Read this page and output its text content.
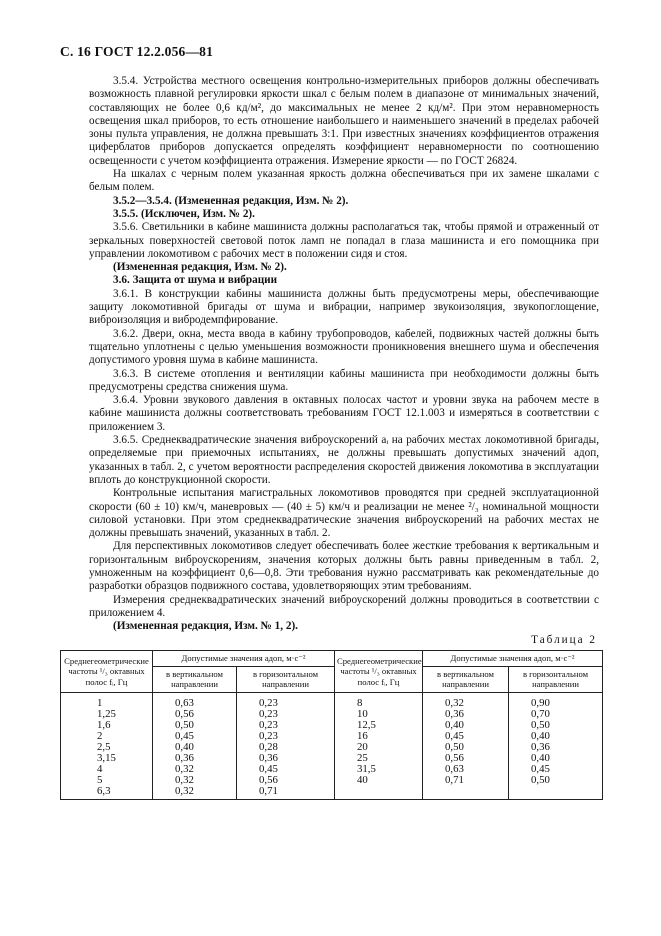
С. 16 ГОСТ 12.2.056—81

3.5.4. Устройства местного освещения контрольно-измерительных приборов должны обеспечивать возможность плавной регулировки яркости шкал с белым полем в диапазоне от минимальных значений, составляющих не более 0,6 кд/м², до максимальных не менее 2 кд/м². При этом неравномерность освещения шкал приборов, то есть отношение наибольшего и наименьшего значений в пределах рабочей зоны пульта управления, не должна превышать 3:1. При известных значениях коэффициентов отражения циферблатов приборов допускается определять коэффициент неравномерности по соотношению освещенности с учетом коэффициента отражения. Измерение яркости — по ГОСТ 26824.

На шкалах с черным полем указанная яркость должна обеспечиваться при их замене шкалами с белым полем.

3.5.2—3.5.4. (Измененная редакция, Изм. № 2).

3.5.5. (Исключен, Изм. № 2).

3.5.6. Светильники в кабине машиниста должны располагаться так, чтобы прямой и отраженный от зеркальных поверхностей световой поток ламп не попадал в глаза машиниста и его помощника при управлении локомотивом с рабочих мест в положении сидя и стоя.

(Измененная редакция, Изм. № 2).

3.6. Защита от шума и вибрации

3.6.1. В конструкции кабины машиниста должны быть предусмотрены меры, обеспечивающие защиту локомотивной бригады от шума и вибрации, например звукоизоляция, звукопоглощение, виброизоляция и вибродемпфирование.

3.6.2. Двери, окна, места ввода в кабину трубопроводов, кабелей, подвижных частей должны быть тщательно уплотнены с целью уменьшения возможности проникновения внешнего шума и обеспечения допустимого уровня шума в кабине машиниста.

3.6.3. В системе отопления и вентиляции кабины машиниста при необходимости должны быть предусмотрены средства снижения шума.

3.6.4. Уровни звукового давления в октавных полосах частот и уровни звука на рабочем месте в кабине машиниста должны соответствовать требованиям ГОСТ 12.1.003 и измеряться в соответствии с приложением 3.

3.6.5. Среднеквадратические значения виброускорений aᵢ на рабочих местах локомотивной бригады, определяемые при приемочных испытаниях, не должны превышать допустимых значений aдоп, указанных в табл. 2, с учетом вероятности распределения скоростей движения локомотива в эксплуатации вплоть до конструкционной скорости.

Контрольные испытания магистральных локомотивов проводятся при средней эксплуатационной скорости (60 ± 10) км/ч, маневровых — (40 ± 5) км/ч и реализации не менее ²/₃ номинальной мощности силовой установки. При этом среднеквадратические значения виброускорений на рабочих местах не должны превышать значений, указанных в табл. 2.

Для перспективных локомотивов следует обеспечивать более жесткие требования к вертикальным и горизонтальным виброускорениям, значения которых должны быть равны приведенным в табл. 2, умноженным на коэффициент 0,6—0,8. Эти требования нужно рассматривать как рекомендательные до разработки образцов подвижного состава, удовлетворяющих этим требованиям.

Измерения среднеквадратических значений виброускорений должны проводиться в соответствии с приложением 4.

(Измененная редакция, Изм. № 1, 2).

Таблица 2
Среднегеометрические частоты ¹/₃ октавных полос fᵢ, Гц	Допустимые значения aдоп, м·с⁻²		Среднегеометрические частоты ¹/₃ октавных полос fᵢ, Гц	Допустимые значения aдоп, м·с⁻²	
	в вертикальном направлении	в горизонтальном направлении		в вертикальном направлении	в горизонтальном направлении
1	0,63	0,23	8	0,32	0,90
1,25	0,56	0,23	10	0,36	0,70
1,6	0,50	0,23	12,5	0,40	0,50
2	0,45	0,23	16	0,45	0,40
2,5	0,40	0,28	20	0,50	0,36
3,15	0,36	0,36	25	0,56	0,40
4	0,32	0,45	31,5	0,63	0,45
5	0,32	0,56	40	0,71	0,50
6,3	0,32	0,71			
